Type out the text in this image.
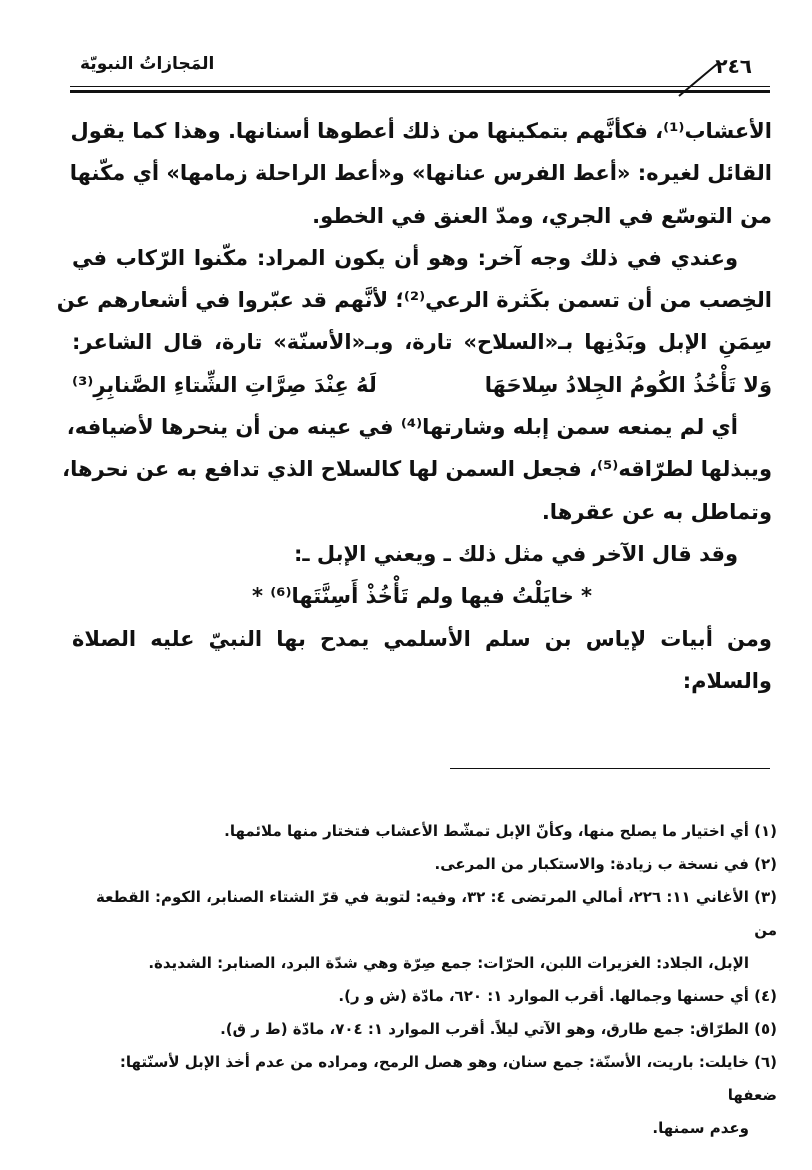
٢٤٦
المَجازاتُ النبويّة
الأعشاب⁽¹⁾، فكأنَّهم بتمكينها من ذلك أعطوها أسنانها. وهذا كما يقول
القائل لغيره: «أعط الفرس عنانها» و«أعط الراحلة زمامها» أي مكّنها
من التوسّع في الجري، ومدّ العنق في الخطو.
وعندي في ذلك وجه آخر: وهو أن يكون المراد: مكّنوا الرّكاب في
الخِصب من أن تسمن بكَثرة الرعي⁽²⁾؛ لأنَّهم قد عبّروا في أشعارهم عن
سِمَنِ الإبل وبَدْنِها بـ«السلاح» تارة، وبـ«الأسنّة» تارة، قال الشاعر:
وَلا تَأْخُذُ الكُومُ الجِلادُ سِلاحَهَا
لَهُ عِنْدَ صِرَّاتِ الشِّتاءِ الصَّنابِرِ⁽³⁾
أي لم يمنعه سمن إبله وشارتها⁽⁴⁾ في عينه من أن ينحرها لأضيافه،
ويبذلها لطرّاقه⁽⁵⁾، فجعل السمن لها كالسلاح الذي تدافع به عن نحرها،
وتماطل به عن عقرها.
وقد قال الآخر في مثل ذلك ـ ويعني الإبل ـ:
* خايَلْتُ فيها ولم تَأْخُذْ أَسِنَّتَها⁽⁶⁾ *
ومن أبيات لإياس بن سلم الأسلمي يمدح بها النبيّ عليه الصلاة
والسلام:
(١) أي اختيار ما يصلح منها، وكأنّ الإبل تمشّط الأعشاب فتختار منها ملائمها.
(٢) في نسخة ب زيادة: والاستكبار من المرعى.
(٣) الأغاني ١١: ٢٢٦، أمالي المرتضى ٤: ٣٢، وفيه: لتوبة في قرّ الشتاء الصنابر، الكوم: القطعة من
الإبل، الجلاد: الغزيرات اللبن، الحرّات: جمع صِرّة وهي شدّة البرد، الصنابر: الشديدة.
(٤) أي حسنها وجمالها. أقرب الموارد ١: ٦٢٠، مادّة (ش و ر).
(٥) الطرّاق: جمع طارق، وهو الآتي ليلاً. أقرب الموارد ١: ٧٠٤، مادّة (ط ر ق).
(٦) خايلت: باريت، الأسنّة: جمع سنان، وهو هصل الرمح، ومراده من عدم أخذ الإبل لأسنّتها: ضعفها
وعدم سمنها.
